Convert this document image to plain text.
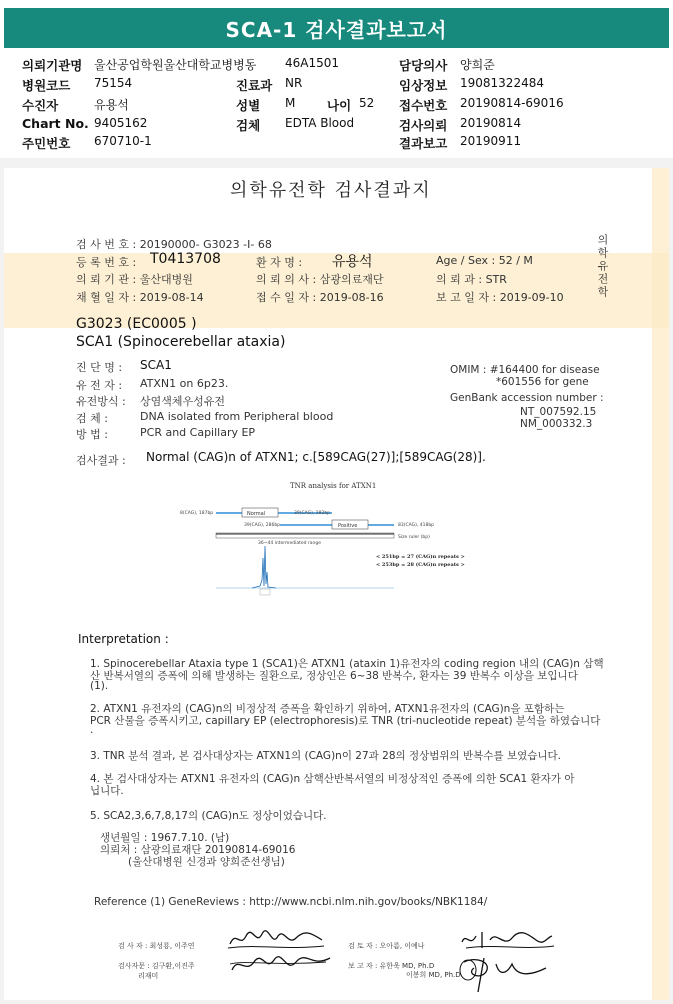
SCA-1 검사결과보고서
의뢰기관명 울산공업학원울산대학교병병동 46A1501	담당의사 양희준
병원코드 75154	진료과 NR	임상정보 19081322484
수진자	유용석	성별 M	나이 52 접수번호 20190814-69016
Chart No. 9405162	검체 EDTA Blood	검사의뢰 20190814
주민번호 670710-1	결과보고 20190911
의학유전학 검사결과지
의학유전학
검 사 번 호 : 20190000- G3023 -I- 68
등 록 번 호 : T0413708	환 자 명 : 유용석	Age / Sex : 52 / M
의 뢰 기 관 : 울산대병원	의 뢰 의 사 : 삼광의료재단	의 뢰 과 : STR
채 혈 일 자 : 2019-08-14	접 수 일 자 : 2019-08-16	보 고 일 자 : 2019-09-10
G3023 (EC0005 )
SCA1 (Spinocerebellar ataxia)
진 단 명 : SCA1
유 전 자 : ATXN1 on 6p23.
유전방식 : 상염색체우성유전
검 체 :	DNA isolated from Peripheral blood
방 법 :	PCR and Capillary EP
OMIM : #164400 for disease
*601556 for gene
GenBank accession number :
NT_007592.15
NM_000332.3
검사결과 : Normal (CAG)n of ATXN1; c.[589CAG(27)];[589CAG(28)].
TNR analysis for ATXN1
8(CAG), 187bp	Normal	39(CAG), 282bp
39(CAG), 286bp	Positive	83(CAG), 418bp
Size ruler (bp)
36~44 intermediated range
< 251bp = 27 (CAG)n repeats >
< 253bp = 28 (CAG)n repeats >
Interpretation :
1. Spinocerebellar Ataxia type 1 (SCA1)은 ATXN1 (ataxin 1)유전자의 coding region 내의 (CAG)n 삼핵
산 반복서열의 증폭에 의해 발생하는 질환으로, 정상인은 6~38 반복수, 환자는 39 반복수 이상을 보입니다
(1).
2. ATXN1 유전자의 (CAG)n의 비정상적 증폭을 확인하기 위하여, ATXN1유전자의 (CAG)n을 포함하는
PCR 산물을 증폭시키고, capillary EP (electrophoresis)로 TNR (tri-nucleotide repeat) 분석을 하였습니다
.
3. TNR 분석 결과, 본 검사대상자는 ATXN1의 (CAG)n이 27과 28의 정상범위의 반복수를 보였습니다.
4. 본 검사대상자는 ATXN1 유전자의 (CAG)n 삼핵산반복서열의 비정상적인 증폭에 의한 SCA1 환자가 아
닙니다.
5. SCA2,3,6,7,8,17의 (CAG)n도 정상이었습니다.
생년월일 : 1967.7.10. (남)
의뢰처 : 삼광의료재단 20190814-69016
(울산대병원 신경과 양희준선생님)
Reference (1) GeneReviews : http://www.ncbi.nlm.nih.gov/books/NBK1184/
검 사 자 : 최성룡, 이주연
검사자문 : 김구환,이진주
리재미
검 토 자 : 오아름, 이예나
보 고 자 : 유한욱 MD, Ph.D
이봉희 MD, Ph.D
